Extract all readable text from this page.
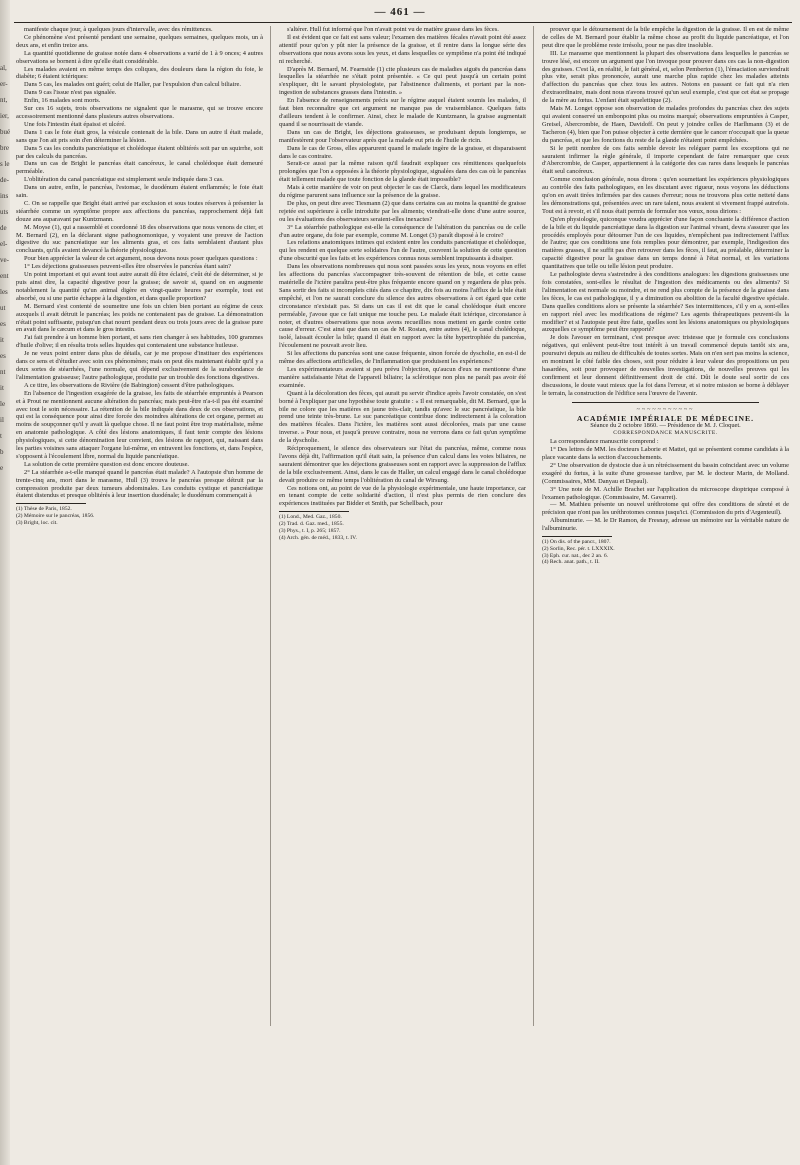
al,
er-
nt,
ier,
bué
bre
s le
de-
ins
uts
de
el-
ve-
ent
les
ut
es
it
es
nt
it
le
il
t
b
e
— 461 —

manifeste chaque jour, à quelques jours d'intervalle, avec des rémittences.

Ce phénomène s'est présenté pendant une semaine, quelques semaines, quelques mois, un à deux ans, et enfin treize ans.

La quantité quotidienne de graisse notée dans 4 observations a varié de 1 à 9 onces; 4 autres observations se bornent à dire qu'elle était considérable.

Les malades avaient en même temps des coliques, des douleurs dans la région du foie, le diabète; 6 étaient ictériques:

Dans 5 cas, les malades ont guéri; celui de Haller, par l'expulsion d'un calcul biliaire.

Dans 9 cas l'issue n'est pas signalée.

Enfin, 16 malades sont morts.

Sur ces 16 sujets, trois observations ne signalent que le marasme, qui se trouve encore accessoirement mentionné dans plusieurs autres observations.

Une fois l'intestin était épaissi et ulcéré.

Dans 1 cas le foie était gros, la vésicule contenait de la bile. Dans un autre il était malade, sans que l'on ait pris soin d'en déterminer la lésion.

Dans 5 cas les conduits pancréatique et cholédoque étaient oblitérés soit par un squirrhe, soit par des calculs du pancréas.

Dans un cas de Bright le pancréas était cancéreux, le canal cholédoque était demeuré perméable.

L'oblitération du canal pancréatique est simplement seule indiquée dans 3 cas.

Dans un autre, enfin, le pancréas, l'estomac, le duodénum étaient enflammés; le foie était sain.

C. On se rappelle que Bright était arrivé par exclusion et sous toutes réserves à présenter la stéarrhée comme un symptôme propre aux affections du pancréas, rapprochement déjà fait douze ans auparavant par Kuntzmann.

M. Moyse (1), qui a rassemblé et coordonné 18 des observations que nous venons de citer, et M. Bernard (2), en la déclarant signe pathognomonique, y voyaient une preuve de l'action digestive du suc pancréatique sur les aliments gras, et ces faits semblaient d'autant plus concluants, qu'ils avaient devancé la théorie physiologique.

Pour bien apprécier la valeur de cet argument, nous devons nous poser quelques questions :

1° Les déjections graisseuses peuvent-elles être observées le pancréas étant sain?

Un point important et qui avant tout autre aurait dû être éclairé, c'eût été de déterminer, si je puis ainsi dire, la capacité digestive pour la graisse; de savoir si, quand on en augmente notablement la quantité qu'un animal digère en vingt-quatre heures par exemple, tout est absorbé, ou si une partie échappe à la digestion, et dans quelle proportion?

M. Bernard s'est contenté de soumettre une fois un chien bien portant au régime de ceux auxquels il avait détruit le pancréas; les poids ne contenaient pas de graisse. La démonstration n'était point suffisante, puisqu'un chat nourri pendant deux ou trois jours avec de la graisse pure en avait dans le cæcum et dans le gros intestin.

J'ai fait prendre à un homme bien portant, et sans rien changer à ses habitudes, 100 grammes d'huile d'olive; il en résulta trois selles liquides qui contenaient une substance huileuse.

Je ne veux point entrer dans plus de détails, car je me propose d'instituer des expériences dans ce sens et d'étudier avec soin ces phénomènes; mais on peut dès maintenant établir qu'il y a deux sortes de stéarrhées, l'une normale, qui dépend exclusivement de la surabondance de l'alimentation graisseuse; l'autre pathologique, produite par un trouble des fonctions digestives.

A ce titre, les observations de Rivière (de Babington) cessent d'être pathologiques.

En l'absence de l'ingestion exagérée de la graisse, les faits de stéarrhée empruntés à Pearson et à Prout ne mentionnent aucune altération du pancréas; mais peut-être n'a-t-il pas été examiné avec tout le soin nécessaire. La rétention de la bile indiquée dans deux de ces observations, et qui est la conséquence pour ainsi dire forcée des moindres altérations de cet organe, permet au moins de soupçonner qu'il y avait là quelque chose. Il ne faut point être trop matérialiste, même en anatomie pathologique. A côté des lésions anatomiques, il faut tenir compte des lésions physiologiques, si cette dénomination leur convient, des lésions de rapport, qui, naissant dans les parties voisines sans attaquer l'organe lui-même, en entravent les fonctions, et, dans l'espèce, s'opposent à l'écoulement libre, normal du liquide pancréatique.

La solution de cette première question est donc encore douteuse.

2° La stéarrhée a-t-elle manqué quand le pancréas était malade? A l'autopsie d'un homme de trente-cinq ans, mort dans le marasme, Hull (3) trouva le pancréas presque détruit par la compression produite par deux tumeurs abdominales. Les conduits cystique et pancréatique étaient distendus et presque oblitérés à leur insertion duodénale; le duodénum commençait à

(1) Thèse de Paris, 1852.

(2) Mémoire sur le pancréas, 1856.

(3) Bright, loc. cit.

s'altérer. Hull fut informé que l'on n'avait point vu de matière grasse dans les fèces.

Il est évident que ce fait est sans valeur; l'examen des matières fécales n'avait point été assez attentif pour qu'on y pût nier la présence de la graisse, et il rentre dans la longue série des observations que nous avons sous les yeux, et dans lesquelles ce symptôme n'a point été indiqué ni recherché.

D'après M. Bernard, M. Fearnside (1) cite plusieurs cas de maladies aiguës du pancréas dans lesquelles la stéarrhée ne s'était point présentée. « Ce qui peut jusqu'à un certain point s'expliquer, dit le savant physiologiste, par l'abstinence d'aliments, et portant par la non-ingestion de substances grasses dans l'intestin. »

En l'absence de renseignements précis sur le régime auquel étaient soumis les malades, il faut bien reconnaître que cet argument ne manque pas de vraisemblance. Quelques faits d'ailleurs tendent à le confirmer. Ainsi, chez le malade de Kuntzmann, la graisse augmentait quand il se nourrissait de viande.

Dans un cas de Bright, les déjections graisseuses, se produisant depuis longtemps, se manifestèrent pour l'observateur après que la malade eut pris de l'huile de ricin.

Dans le cas de Gross, elles apparurent quand le malade ingère de la graisse, et disparaissent dans le cas contraire.

Serait-ce aussi par la même raison qu'il faudrait expliquer ces rémittences quelquefois prolongées que l'on a opposées à la théorie physiologique, signalées dans des cas où le pancréas était tellement malade que toute fonction de la glande était impossible?

Mais à cette manière de voir on peut objecter le cas de Clarck, dans lequel les modificateurs du régime parurent sans influence sur la présence de la graisse.

De plus, on peut dire avec Tiesmann (2) que dans certains cas au moins la quantité de graisse rejetée est supérieure à celle introduite par les aliments; viendrait-elle donc d'une autre source, ou les évaluations des observateurs seraient-elles inexactes?

3° La stéarrhée pathologique est-elle la conséquence de l'altération du pancréas ou de celle d'un autre organe, du foie par exemple, comme M. Longet (3) paraît disposé à le croire?

Les relations anatomiques intimes qui existent entre les conduits pancréatique et cholédoque, qui les rendent en quelque sorte solidaires l'un de l'autre, couvrent la solution de cette question d'une obscurité que les faits et les expériences connus nous semblent impuissants à dissiper.

Dans les observations nombreuses qui nous sont passées sous les yeux, nous voyons en effet les affections du pancréas s'accompagner très-souvent de rétention de bile, et cette cause matérielle de l'ictère paraîtra peut-être plus fréquente encore quand on y regardera de plus près. Sans sortir des faits si incomplets cités dans ce chapitre, dix fois au moins l'afflux de la bile était empêché, et l'on ne saurait conclure du silence des autres observations à cet égard que cette circonstance n'existait pas. Si dans un cas il est dit que le canal cholédoque était encore perméable, j'avoue que ce fait unique me touche peu. Le malade était ictérique, circonstance à noter, et d'autres observations que nous avons recueillies nous mettent en garde contre cette cause d'erreur. C'est ainsi que dans un cas de M. Rostan, entre autres (4), le canal cholédoque, isolé, laissait écouler la bile; quand il était en rapport avec la tête hypertrophiée du pancréas, l'écoulement ne pouvait avoir lieu.

Si les affections du pancréas sont une cause fréquente, sinon forcée de dyscholie, en est-il de même des affections artificielles, de l'inflammation que produisent les expériences?

Les expérimentateurs avaient si peu prévu l'objection, qu'aucun d'eux ne mentionne d'une manière satisfaisante l'état de l'appareil biliaire; la sclérotique non plus ne paraît pas avoir été examinée.

Quant à la décoloration des fèces, qui aurait pu servir d'indice après l'avoir constatée, on s'est borné à l'expliquer par une hypothèse toute gratuite : « Il est remarquable, dit M. Bernard, que la bile ne colore que les matières en jaune très-clair, tandis qu'avec le suc pancréatique, la bile prend une teinte très-brune. Le suc pancréatique contribue donc indirectement à la coloration des matières fécales. Dans l'ictère, les matières sont aussi décolorées, mais par une cause inverse. » Pour nous, et jusqu'à preuve contraire, nous ne verrons dans ce fait qu'un symptôme de la dyscholie.

Réciproquement, le silence des observateurs sur l'état du pancréas, même, comme nous l'avons déjà dit, l'affirmation qu'il était sain, la présence d'un calcul dans les voies biliaires, ne sauraient démontrer que les déjections graisseuses sont en rapport avec la suppression de l'afflux de la bile exclusivement. Ainsi, dans le cas de Haller, un calcul engagé dans le canal cholédoque devait produire ce même temps l'oblitération du canal de Wirsung.

Ces notions ont, au point de vue de la physiologie expérimentale, une haute importance, car en tenant compte de cette solidarité d'action, il n'est plus permis de rien conclure des expériences instituées par Bidder et Smith, par Schellbach, pour

(1) Lond., Med. Gaz., 1850.

(2) Trad. d. Gaz. med., 1855.

(3) Phys., t. I, p. 265; 1857.

(4) Arch. gén. de méd., 1833, t. IV.

prouver que le détournement de la bile empêche la digestion de la graisse. Il en est de même de celles de M. Bernard pour établir la même chose au profit du liquide pancréatique, et l'on peut dire que le problème reste irrésolu, pour ne pas dire insoluble.

III. Le marasme que mentionnent la plupart des observations dans lesquelles le pancréas se trouve lésé, est encore un argument que l'on invoque pour prouver dans ces cas la non-digestion des graisses. C'est là, en réalité, le fait général, et, selon Pemberton (1), l'émaciation surviendrait plus vite, serait plus prononcée, aurait une marche plus rapide chez les malades atteints d'affection du pancréas que chez tous les autres. Notons en passant ce fait qui n'a rien d'extraordinaire, mais dont nous n'avons trouvé qu'un seul exemple, c'est que cet état se propage de la mère au fœtus. L'enfant était squelettique (2).

Mais M. Longet oppose son observation de malades profondes du pancréas chez des sujets qui avaient conservé un embonpoint plus ou moins marqué; observations empruntées à Casper, Greisel, Abercrombie, de Haen, Davidoff. On peut y joindre celles de Harlhmann (3) et de Tacheron (4), bien que l'on puisse objecter à cette dernière que le cancer n'occupait que la queue du pancréas, et que les fonctions du reste de la glande n'étaient point empêchées.

Si le petit nombre de ces faits semble devoir les reléguer parmi les exceptions qui ne sauraient infirmer la règle générale, il importe cependant de faire remarquer que ceux d'Abercrombie, de Casper, appartiennent à la catégorie des cas rares dans lesquels le pancréas était seul cancéreux.

Comme conclusion générale, nous dirons : qu'en soumettant les expériences physiologiques au contrôle des faits pathologiques, en les discutant avec rigueur, nous voyons les déductions qu'on en avait tirées infirmées par des causes d'erreur; nous ne trouvons plus cette netteté dans les démonstrations qui, présentées avec un rare talent, nous avaient si vivement frappé autrefois. Tout est à revoir, et s'il nous était permis de formuler nos vœux, nous dirions :

Qu'en physiologie, quiconque voudra apprécier d'une façon concluante la différence d'action de la bile et du liquide pancréatique dans la digestion sur l'animal vivant, devra s'assurer que les procédés employés pour détourner l'un de ces liquides, n'empêchent pas indirectement l'afflux de l'autre; que ces conditions une fois remplies pour démontrer, par exemple, l'indigestion des matières grasses, il ne suffit pas d'en retrouver dans les fèces, il faut, au préalable, déterminer la capacité digestive pour la graisse dans un temps donné à l'état normal, et les variations quantitatives que telle ou telle lésion peut produire.

Le pathologiste devra s'astreindre à des conditions analogues: les digestions graisseuses une fois constatées, sont-elles le résultat de l'ingestion des médicaments ou des aliments? Si l'alimentation est normale ou moindre, et ne rend plus compte de la présence de la graisse dans les fèces, le cas est pathologique, il y a diminution ou abolition de la faculté digestive spéciale. Dans quelles conditions alors se présente la stéarrhée? Ses intermittences, s'il y en a, sont-elles en rapport réel avec les modifications de régime? Les agents thérapeutiques peuvent-ils la modifier? et si l'autopsie peut être faite, quelles sont les lésions anatomiques ou physiologiques auxquelles ce symptôme peut être rapporté?

Je dois l'avouer en terminant, c'est presque avec tristesse que je formule ces conclusions négatives, qui enlèvent peut-être tout intérêt à un travail commencé depuis tantôt six ans, poursuivi depuis au milieu de difficultés de toutes sortes. Mais on n'en sert pas moins la science, en montrant le côté faible des choses, soit pour réduire à leur valeur des propositions un peu hasardées, soit pour provoquer de nouvelles investigations, de nouvelles preuves qui les confirment et leur donnent définitivement droit de cité. Dût le doute seul sortir de ces discussions, le doute vaut mieux que la foi dans l'erreur, et si notre mission se borne à déblayer le terrain, la construction de l'édifice sera l'œuvre de l'avenir.

~~~~~~~~~~~

ACADÉMIE IMPÉRIALE DE MÉDECINE.

Séance du 2 octobre 1860. — Présidence de M. J. Cloquet.

CORRESPONDANCE MANUSCRITE.

La correspondance manuscrite comprend :

1° Des lettres de MM. les docteurs Laborie et Mattei, qui se présentent comme candidats à la place vacante dans la section d'accouchements.

2° Une observation de dystocie due à un rétrécissement du bassin coïncidant avec un volume exagéré du fœtus, à la suite d'une grossesse tardive, par M. le docteur Marin, de Molland. (Commissaires, MM. Danyau et Depaul).

3° Une note de M. Achille Brachet sur l'application du microscope dioptrique composé à l'examen pathologique. (Commissaire, M. Gavarret).

— M. Mathieu présente un nouvel uréthrotome qui offre des conditions de sûreté et de précision que n'ont pas les uréthrotomes connus jusqu'ici. (Commission du prix d'Argenteuil).

Albuminurie. — M. le Dr Ramon, de Fresnay, adresse un mémoire sur la véritable nature de l'albuminurie.

(1) On dis. of the pancr., 1807.

(2) Sorlin, Rec. pér. t. LXXXIX.

(3) Eph. cur. nat., dec 2 an. 6.

(4) Rech. anat. path., t. II.
